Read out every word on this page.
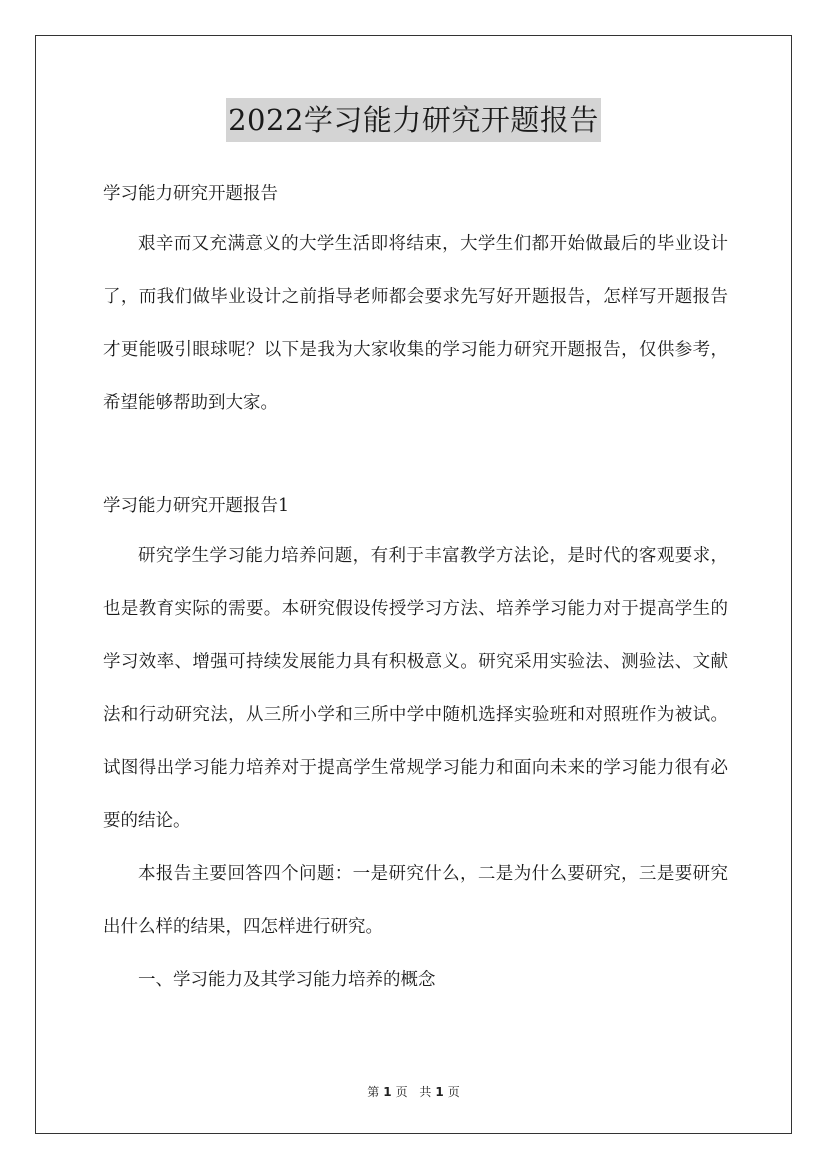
2022学习能力研究开题报告

学习能力研究开题报告

艰辛而又充满意义的大学生活即将结束，大学生们都开始做最后的毕业设计了，而我们做毕业设计之前指导老师都会要求先写好开题报告，怎样写开题报告才更能吸引眼球呢？以下是我为大家收集的学习能力研究开题报告，仅供参考，希望能够帮助到大家。

学习能力研究开题报告1

研究学生学习能力培养问题，有利于丰富教学方法论，是时代的客观要求，也是教育实际的需要。本研究假设传授学习方法、培养学习能力对于提高学生的学习效率、增强可持续发展能力具有积极意义。研究采用实验法、测验法、文献法和行动研究法，从三所小学和三所中学中随机选择实验班和对照班作为被试。试图得出学习能力培养对于提高学生常规学习能力和面向未来的学习能力很有必要的结论。

本报告主要回答四个问题：一是研究什么，二是为什么要研究，三是要研究出什么样的结果，四怎样进行研究。

一、学习能力及其学习能力培养的概念

第 1 页 共 1 页
